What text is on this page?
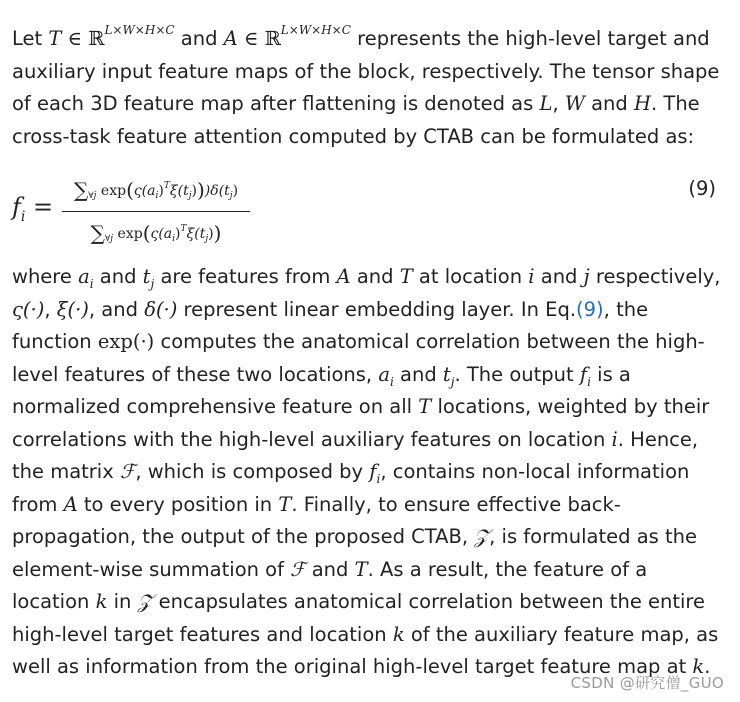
Let T ∈ ℝ$^{L\times W\times H\times C}$ and A ∈ ℝ$^{L\times W\times H\times C}$ represents the high-level target and auxiliary input feature maps of the block, respectively. The tensor shape of each 3D feature map after flattening is denoted as L, W and H. The cross-task feature attention computed by CTAB can be formulated as:

$f_i$ =
$\sum_{\forall j}$ $\exp(\varsigma(a_i)^T\xi(t_j)))\delta(t_j)$
$\sum_{\forall j}$ $\exp(\varsigma(a_i)^T\xi(t_j))$
(9)

where $a_i$ and $t_j$ are features from A and T at location i and j respectively, ς(·), ξ(·), and δ(·) represent linear embedding layer. In Eq.(9), the function exp(·) computes the anatomical correlation between the high-level features of these two locations, $a_i$ and $t_j$. The output $f_i$ is a normalized comprehensive feature on all T locations, weighted by their correlations with the high-level auxiliary features on location i. Hence, the matrix ℱ, which is composed by $f_i$, contains non-local information from A to every position in T. Finally, to ensure effective back-propagation, the output of the proposed CTAB, 𝒵, is formulated as the element-wise summation of ℱ and T. As a result, the feature of a location k in 𝒵 encapsulates anatomical correlation between the entire high-level target features and location k of the auxiliary feature map, as well as information from the original high-level target feature map at k.

CSDN @研究僧_GUO
